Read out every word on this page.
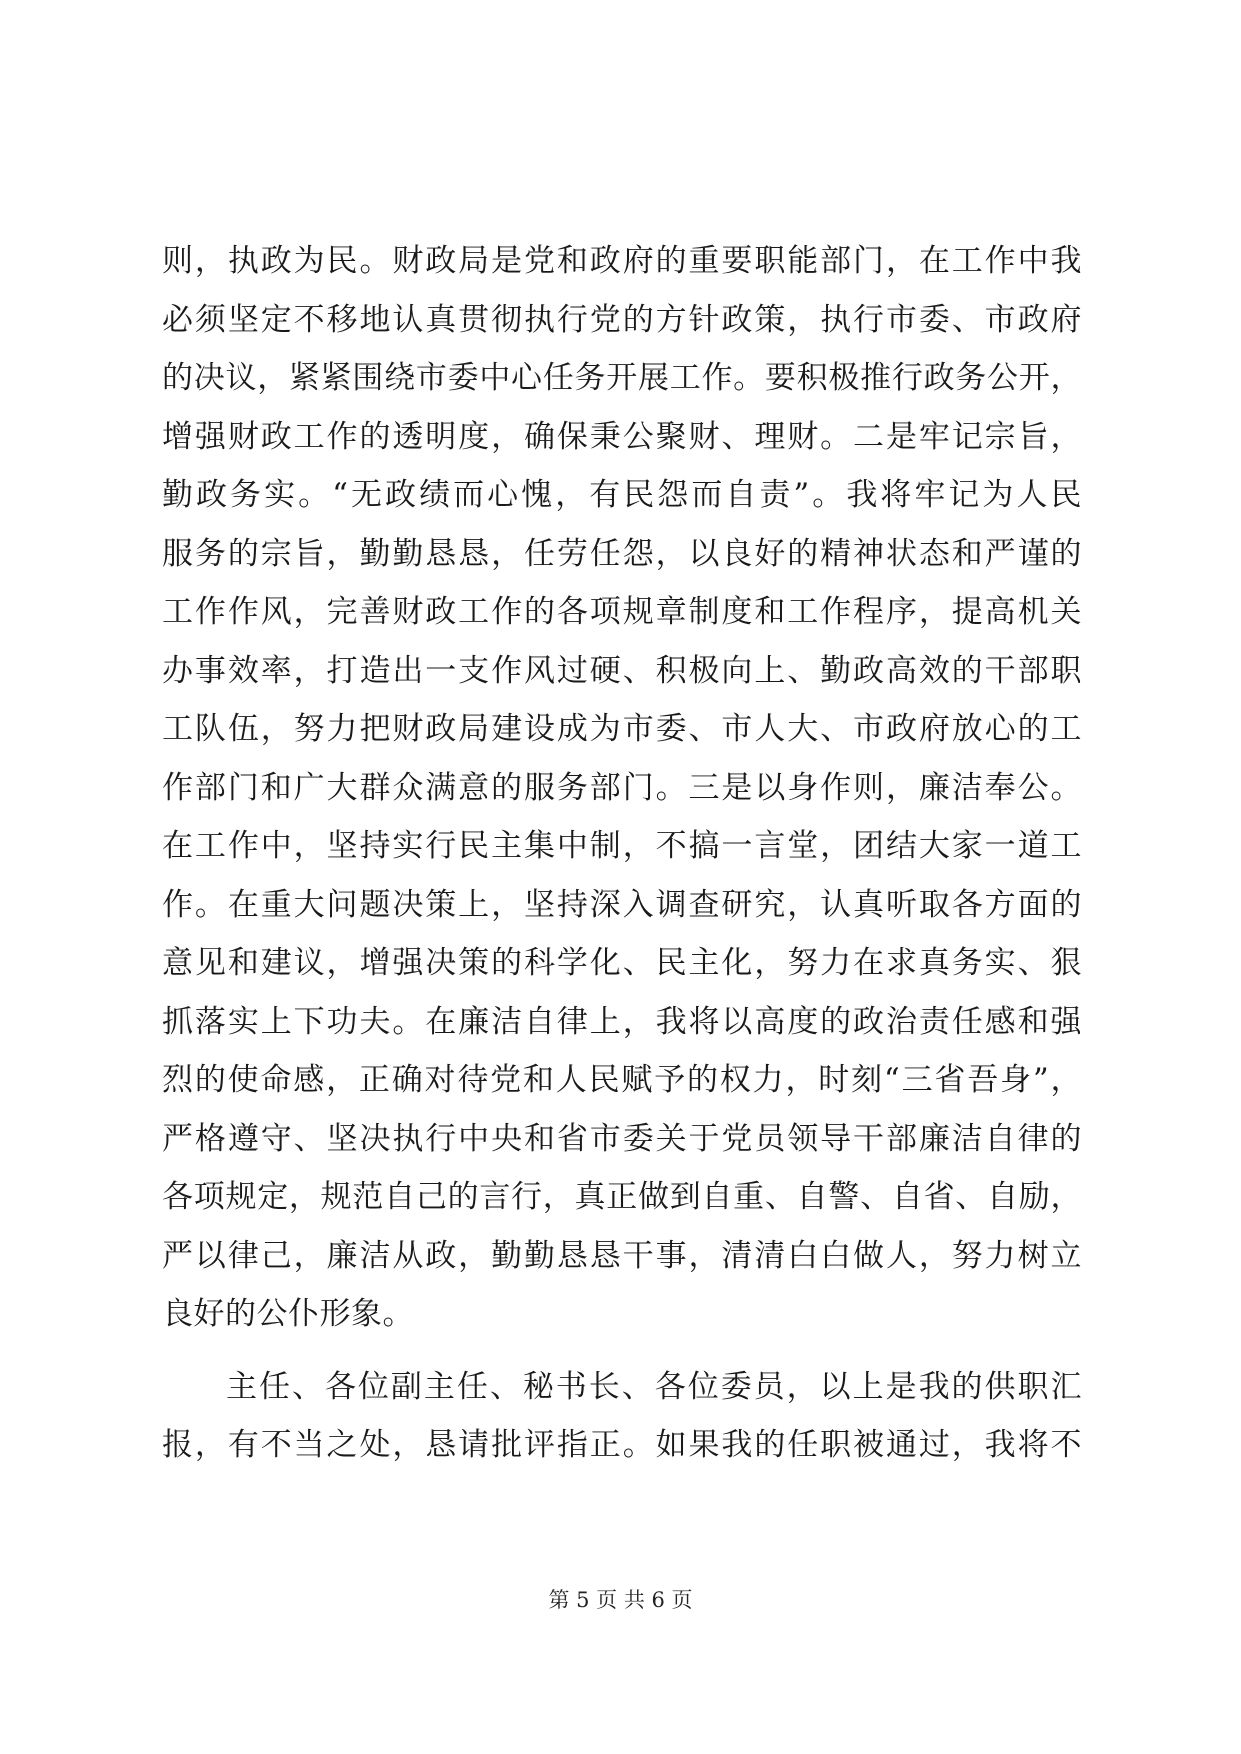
则，执政为民。财政局是党和政府的重要职能部门，在工作中我
必须坚定不移地认真贯彻执行党的方针政策，执行市委、市政府
的决议，紧紧围绕市委中心任务开展工作。要积极推行政务公开，
增强财政工作的透明度，确保秉公聚财、理财。二是牢记宗旨，
勤政务实。“无政绩而心愧，有民怨而自责”。我将牢记为人民
服务的宗旨，勤勤恳恳，任劳任怨，以良好的精神状态和严谨的
工作作风，完善财政工作的各项规章制度和工作程序，提高机关
办事效率，打造出一支作风过硬、积极向上、勤政高效的干部职
工队伍，努力把财政局建设成为市委、市人大、市政府放心的工
作部门和广大群众满意的服务部门。三是以身作则，廉洁奉公。
在工作中，坚持实行民主集中制，不搞一言堂，团结大家一道工
作。在重大问题决策上，坚持深入调查研究，认真听取各方面的
意见和建议，增强决策的科学化、民主化，努力在求真务实、狠
抓落实上下功夫。在廉洁自律上，我将以高度的政治责任感和强
烈的使命感，正确对待党和人民赋予的权力，时刻“三省吾身”，
严格遵守、坚决执行中央和省市委关于党员领导干部廉洁自律的
各项规定，规范自己的言行，真正做到自重、自警、自省、自励，
严以律己，廉洁从政，勤勤恳恳干事，清清白白做人，努力树立
良好的公仆形象。
主任、各位副主任、秘书长、各位委员，以上是我的供职汇
报，有不当之处，恳请批评指正。如果我的任职被通过，我将不
第 5 页 共 6 页
